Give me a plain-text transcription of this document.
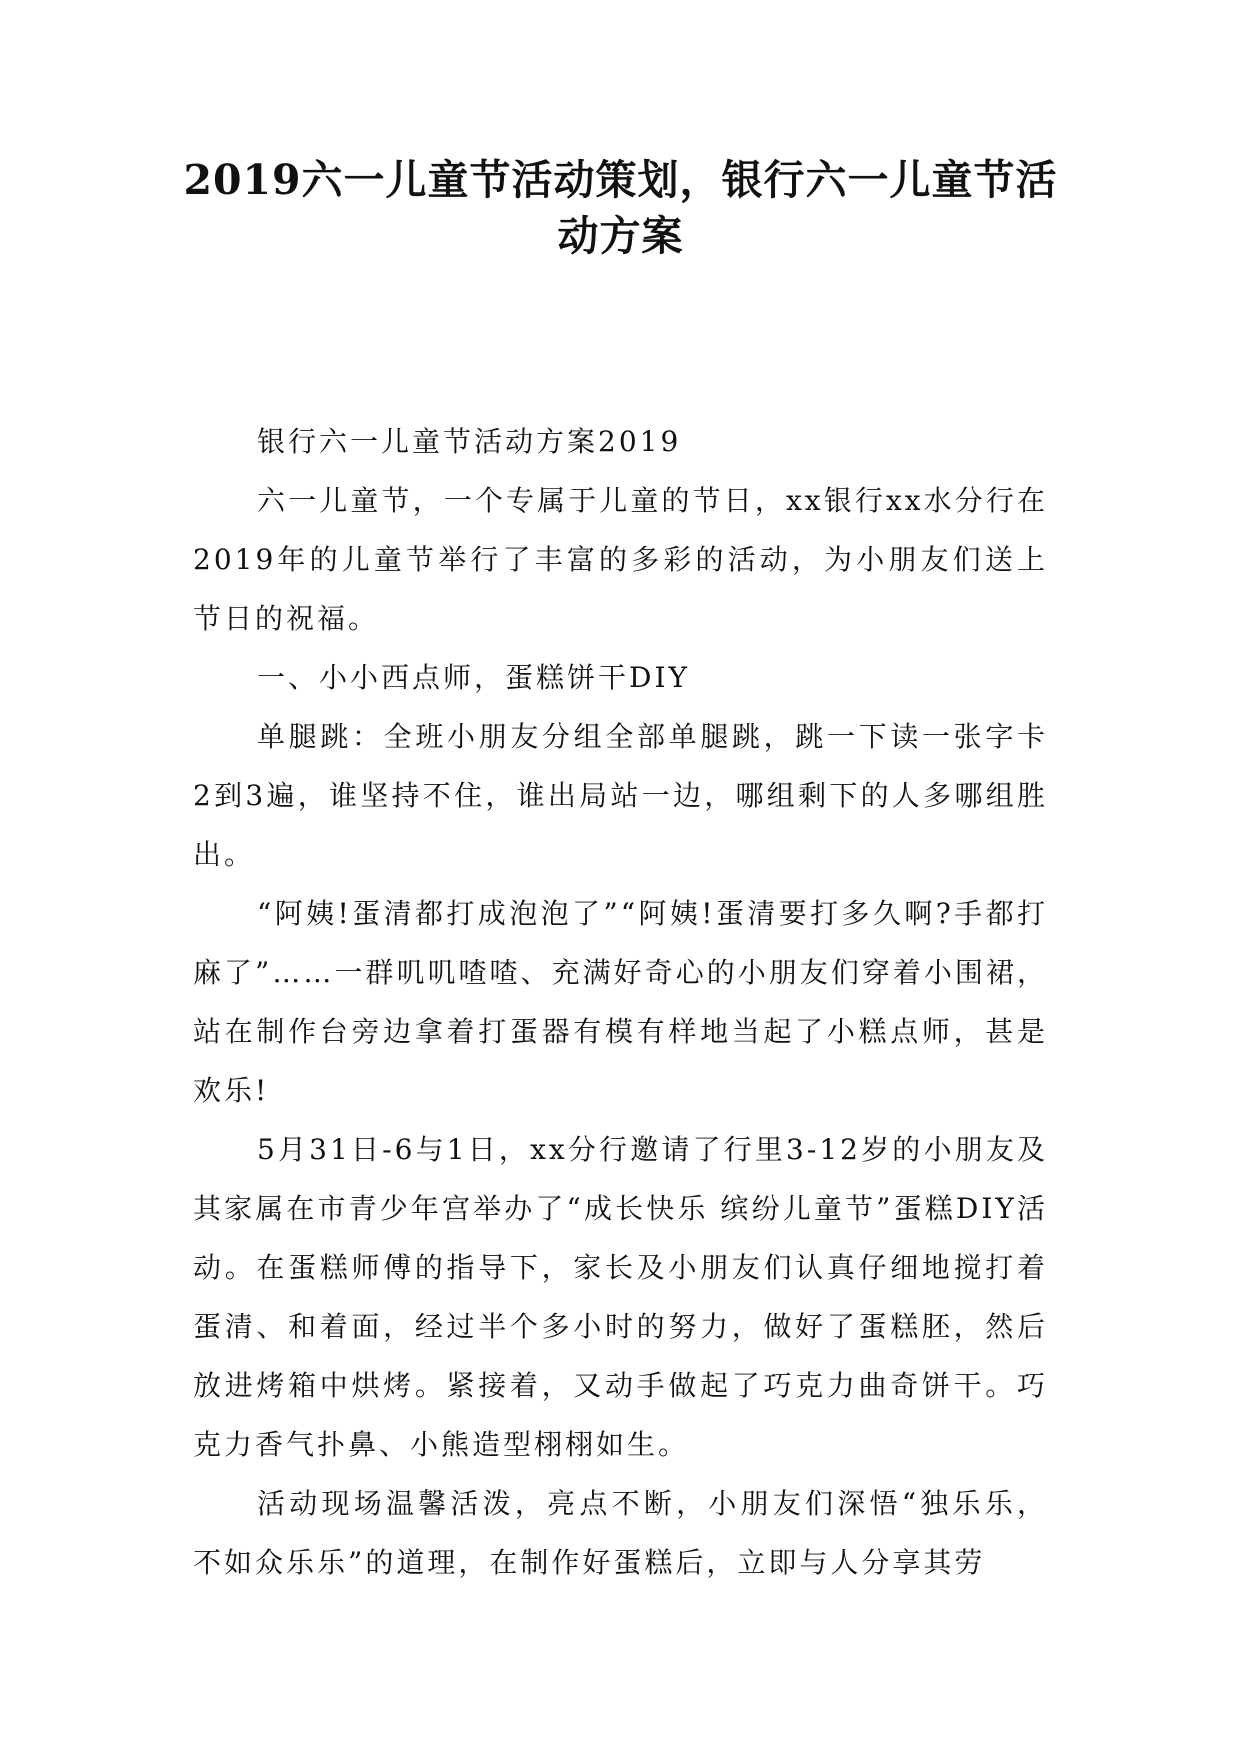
2019六一儿童节活动策划，银行六一儿童节活动方案

银行六一儿童节活动方案2019

六一儿童节，一个专属于儿童的节日，xx银行xx水分行在2019年的儿童节举行了丰富的多彩的活动，为小朋友们送上节日的祝福。

一、小小西点师，蛋糕饼干DIY

单腿跳：全班小朋友分组全部单腿跳，跳一下读一张字卡2到3遍，谁坚持不住，谁出局站一边，哪组剩下的人多哪组胜出。

“阿姨!蛋清都打成泡泡了”“阿姨!蛋清要打多久啊?手都打麻了”……一群叽叽喳喳、充满好奇心的小朋友们穿着小围裙，站在制作台旁边拿着打蛋器有模有样地当起了小糕点师，甚是欢乐!

5月31日-6与1日，xx分行邀请了行里3-12岁的小朋友及其家属在市青少年宫举办了“成长快乐 缤纷儿童节”蛋糕DIY活动。在蛋糕师傅的指导下，家长及小朋友们认真仔细地搅打着蛋清、和着面，经过半个多小时的努力，做好了蛋糕胚，然后放进烤箱中烘烤。紧接着，又动手做起了巧克力曲奇饼干。巧克力香气扑鼻、小熊造型栩栩如生。

活动现场温馨活泼，亮点不断，小朋友们深悟“独乐乐，不如众乐乐”的道理，在制作好蛋糕后，立即与人分享其劳
